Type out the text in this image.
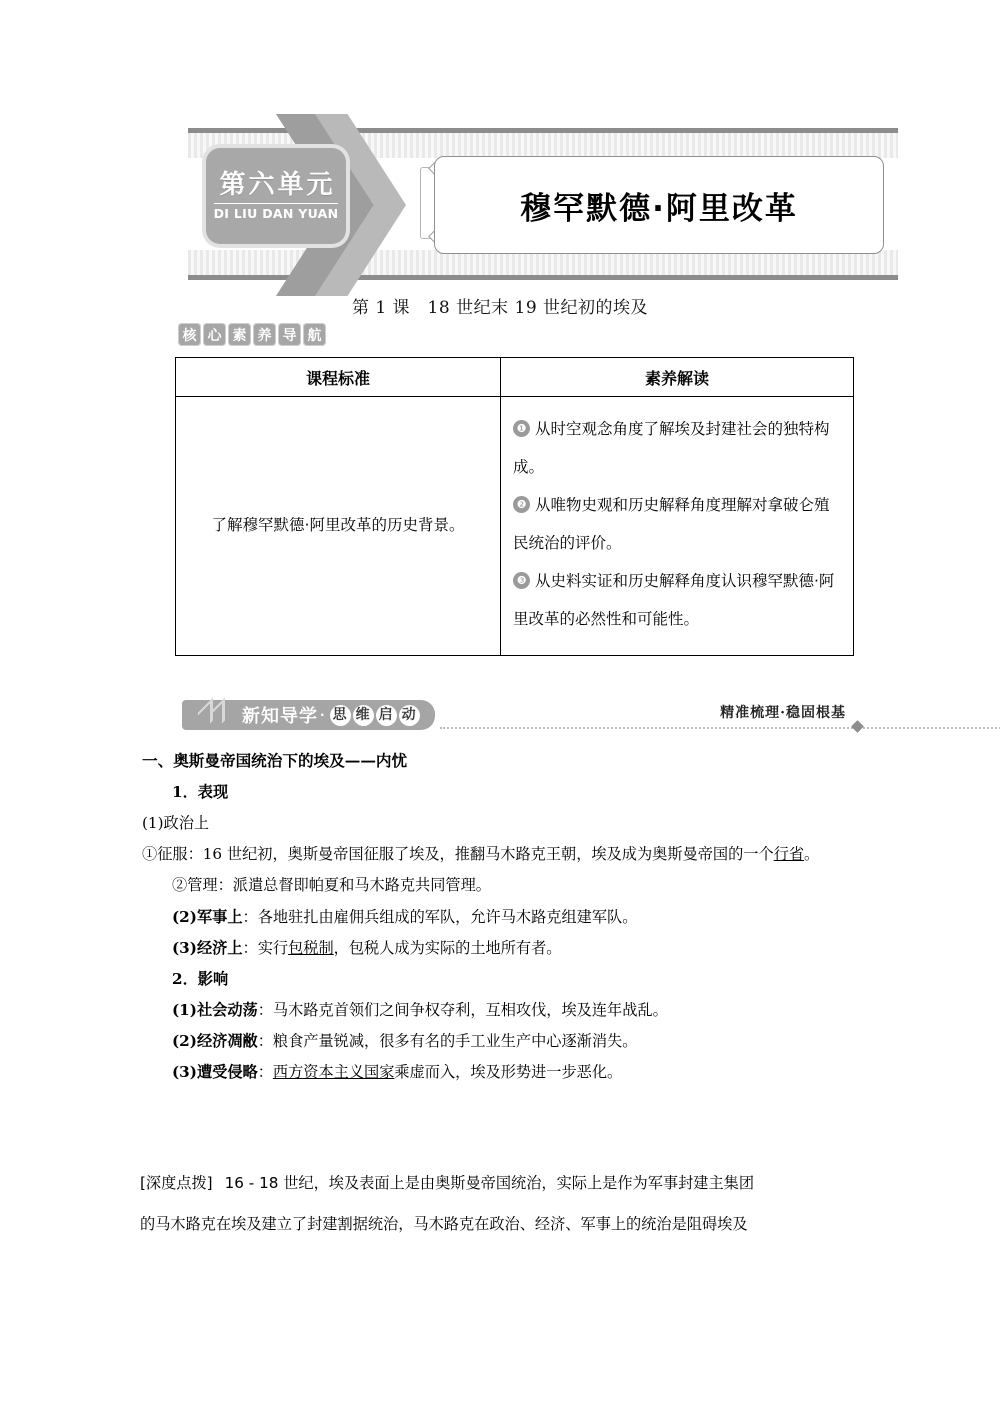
第六单元
DI LIU DAN YUAN	穆罕默德·阿里改革
第 1 课　18 世纪末 19 世纪初的埃及
核 心 素 养 导 航
课程标准	素养解读
了解穆罕默德·阿里改革的历史背景。	❶ 从时空观念角度了解埃及封建社会的独特构成。
❷ 从唯物史观和历史解释角度理解对拿破仑殖民统治的评价。
❸ 从史料实证和历史解释角度认识穆罕默德·阿里改革的必然性和可能性。
新知导学 · 思 维 启 动	精准梳理·稳固根基

一、奥斯曼帝国统治下的埃及——内忧

1．表现

(1)政治上

①征服：16 世纪初，奥斯曼帝国征服了埃及，推翻马木路克王朝，埃及成为奥斯曼帝国的一个行省。

②管理：派遣总督即帕夏和马木路克共同管理。

(2)军事上：各地驻扎由雇佣兵组成的军队，允许马木路克组建军队。

(3)经济上：实行包税制，包税人成为实际的土地所有者。

2．影响

(1)社会动荡：马木路克首领们之间争权夺利，互相攻伐，埃及连年战乱。

(2)经济凋敝：粮食产量锐减，很多有名的手工业生产中心逐渐消失。

(3)遭受侵略：西方资本主义国家乘虚而入，埃及形势进一步恶化。

[深度点拨] 16 - 18 世纪，埃及表面上是由奥斯曼帝国统治，实际上是作为军事封建主集团

的马木路克在埃及建立了封建割据统治，马木路克在政治、经济、军事上的统治是阻碍埃及
